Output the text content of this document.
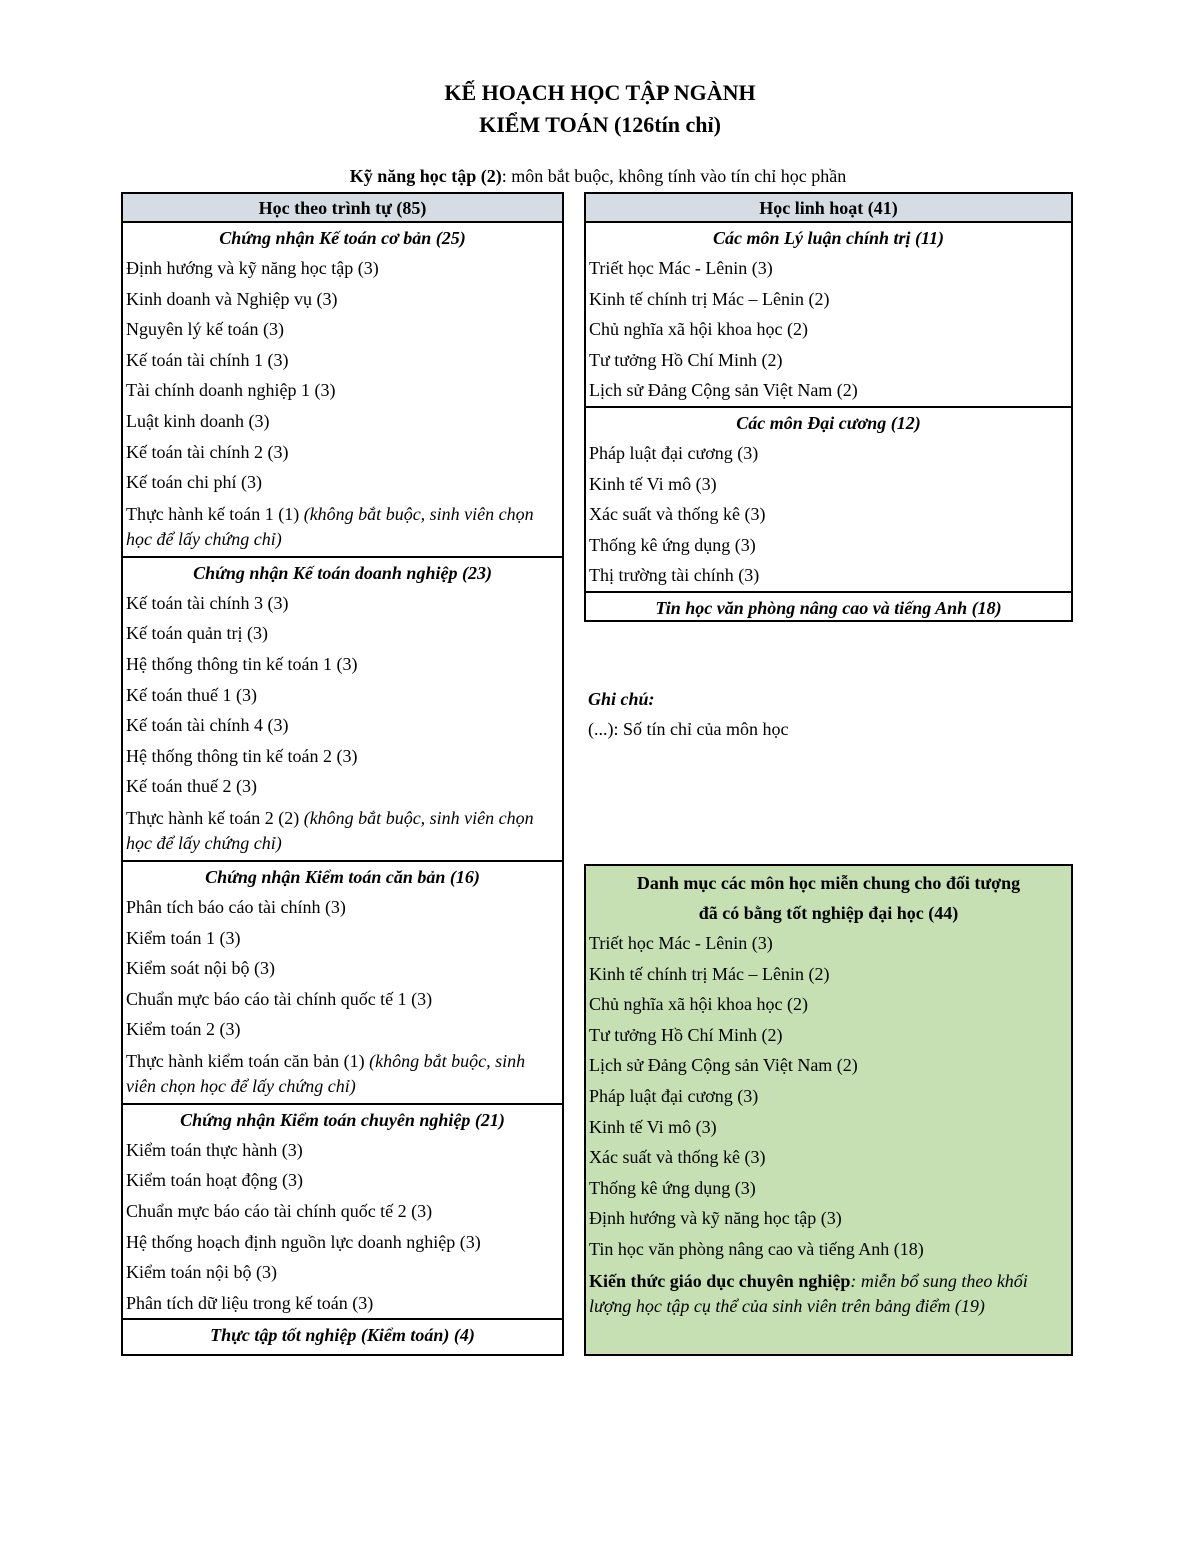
KẾ HOẠCH HỌC TẬP NGÀNH
KIỂM TOÁN (126tín chỉ)
Kỹ năng học tập (2): môn bắt buộc, không tính vào tín chỉ học phần
Học theo trình tự (85)
Chứng nhận Kế toán cơ bản (25)
Định hướng và kỹ năng học tập (3)
Kinh doanh và Nghiệp vụ (3)
Nguyên lý kế toán (3)
Kế toán tài chính 1 (3)
Tài chính doanh nghiệp 1 (3)
Luật kinh doanh (3)
Kế toán tài chính 2 (3)
Kế toán chi phí (3)
Thực hành kế toán 1 (1) (không bắt buộc, sinh viên chọn học để lấy chứng chỉ)
Chứng nhận Kế toán doanh nghiệp (23)
Kế toán tài chính 3 (3)
Kế toán quản trị (3)
Hệ thống thông tin kế toán 1 (3)
Kế toán thuế 1 (3)
Kế toán tài chính 4 (3)
Hệ thống thông tin kế toán 2 (3)
Kế toán thuế 2 (3)
Thực hành kế toán 2 (2) (không bắt buộc, sinh viên chọn học để lấy chứng chỉ)
Chứng nhận Kiểm toán căn bản (16)
Phân tích báo cáo tài chính (3)
Kiểm toán 1 (3)
Kiểm soát nội bộ (3)
Chuẩn mực báo cáo tài chính quốc tế 1 (3)
Kiểm toán 2 (3)
Thực hành kiểm toán căn bản (1) (không bắt buộc, sinh viên chọn học để lấy chứng chỉ)
Chứng nhận Kiểm toán chuyên nghiệp (21)
Kiểm toán thực hành (3)
Kiểm toán hoạt động (3)
Chuẩn mực báo cáo tài chính quốc tế 2 (3)
Hệ thống hoạch định nguồn lực doanh nghiệp (3)
Kiểm toán nội bộ (3)
Phân tích dữ liệu trong kế toán (3)
Thực tập tốt nghiệp (Kiểm toán) (4)
Học linh hoạt (41)
Các môn Lý luận chính trị (11)
Triết học Mác - Lênin (3)
Kinh tế chính trị Mác – Lênin (2)
Chủ nghĩa xã hội khoa học (2)
Tư tưởng Hồ Chí Minh (2)
Lịch sử Đảng Cộng sản Việt Nam (2)
Các môn Đại cương (12)
Pháp luật đại cương (3)
Kinh tế Vi mô (3)
Xác suất và thống kê (3)
Thống kê ứng dụng (3)
Thị trường tài chính (3)
Tin học văn phòng nâng cao và tiếng Anh (18)
Ghi chú:
(...): Số tín chỉ của môn học
Danh mục các môn học miễn chung cho đối tượng
đã có bằng tốt nghiệp đại học (44)
Triết học Mác - Lênin (3)
Kinh tế chính trị Mác – Lênin (2)
Chủ nghĩa xã hội khoa học (2)
Tư tưởng Hồ Chí Minh (2)
Lịch sử Đảng Cộng sản Việt Nam (2)
Pháp luật đại cương (3)
Kinh tế Vi mô (3)
Xác suất và thống kê (3)
Thống kê ứng dụng (3)
Định hướng và kỹ năng học tập (3)
Tin học văn phòng nâng cao và tiếng Anh (18)
Kiến thức giáo dục chuyên nghiệp: miễn bổ sung theo khối lượng học tập cụ thể của sinh viên trên bảng điểm (19)
